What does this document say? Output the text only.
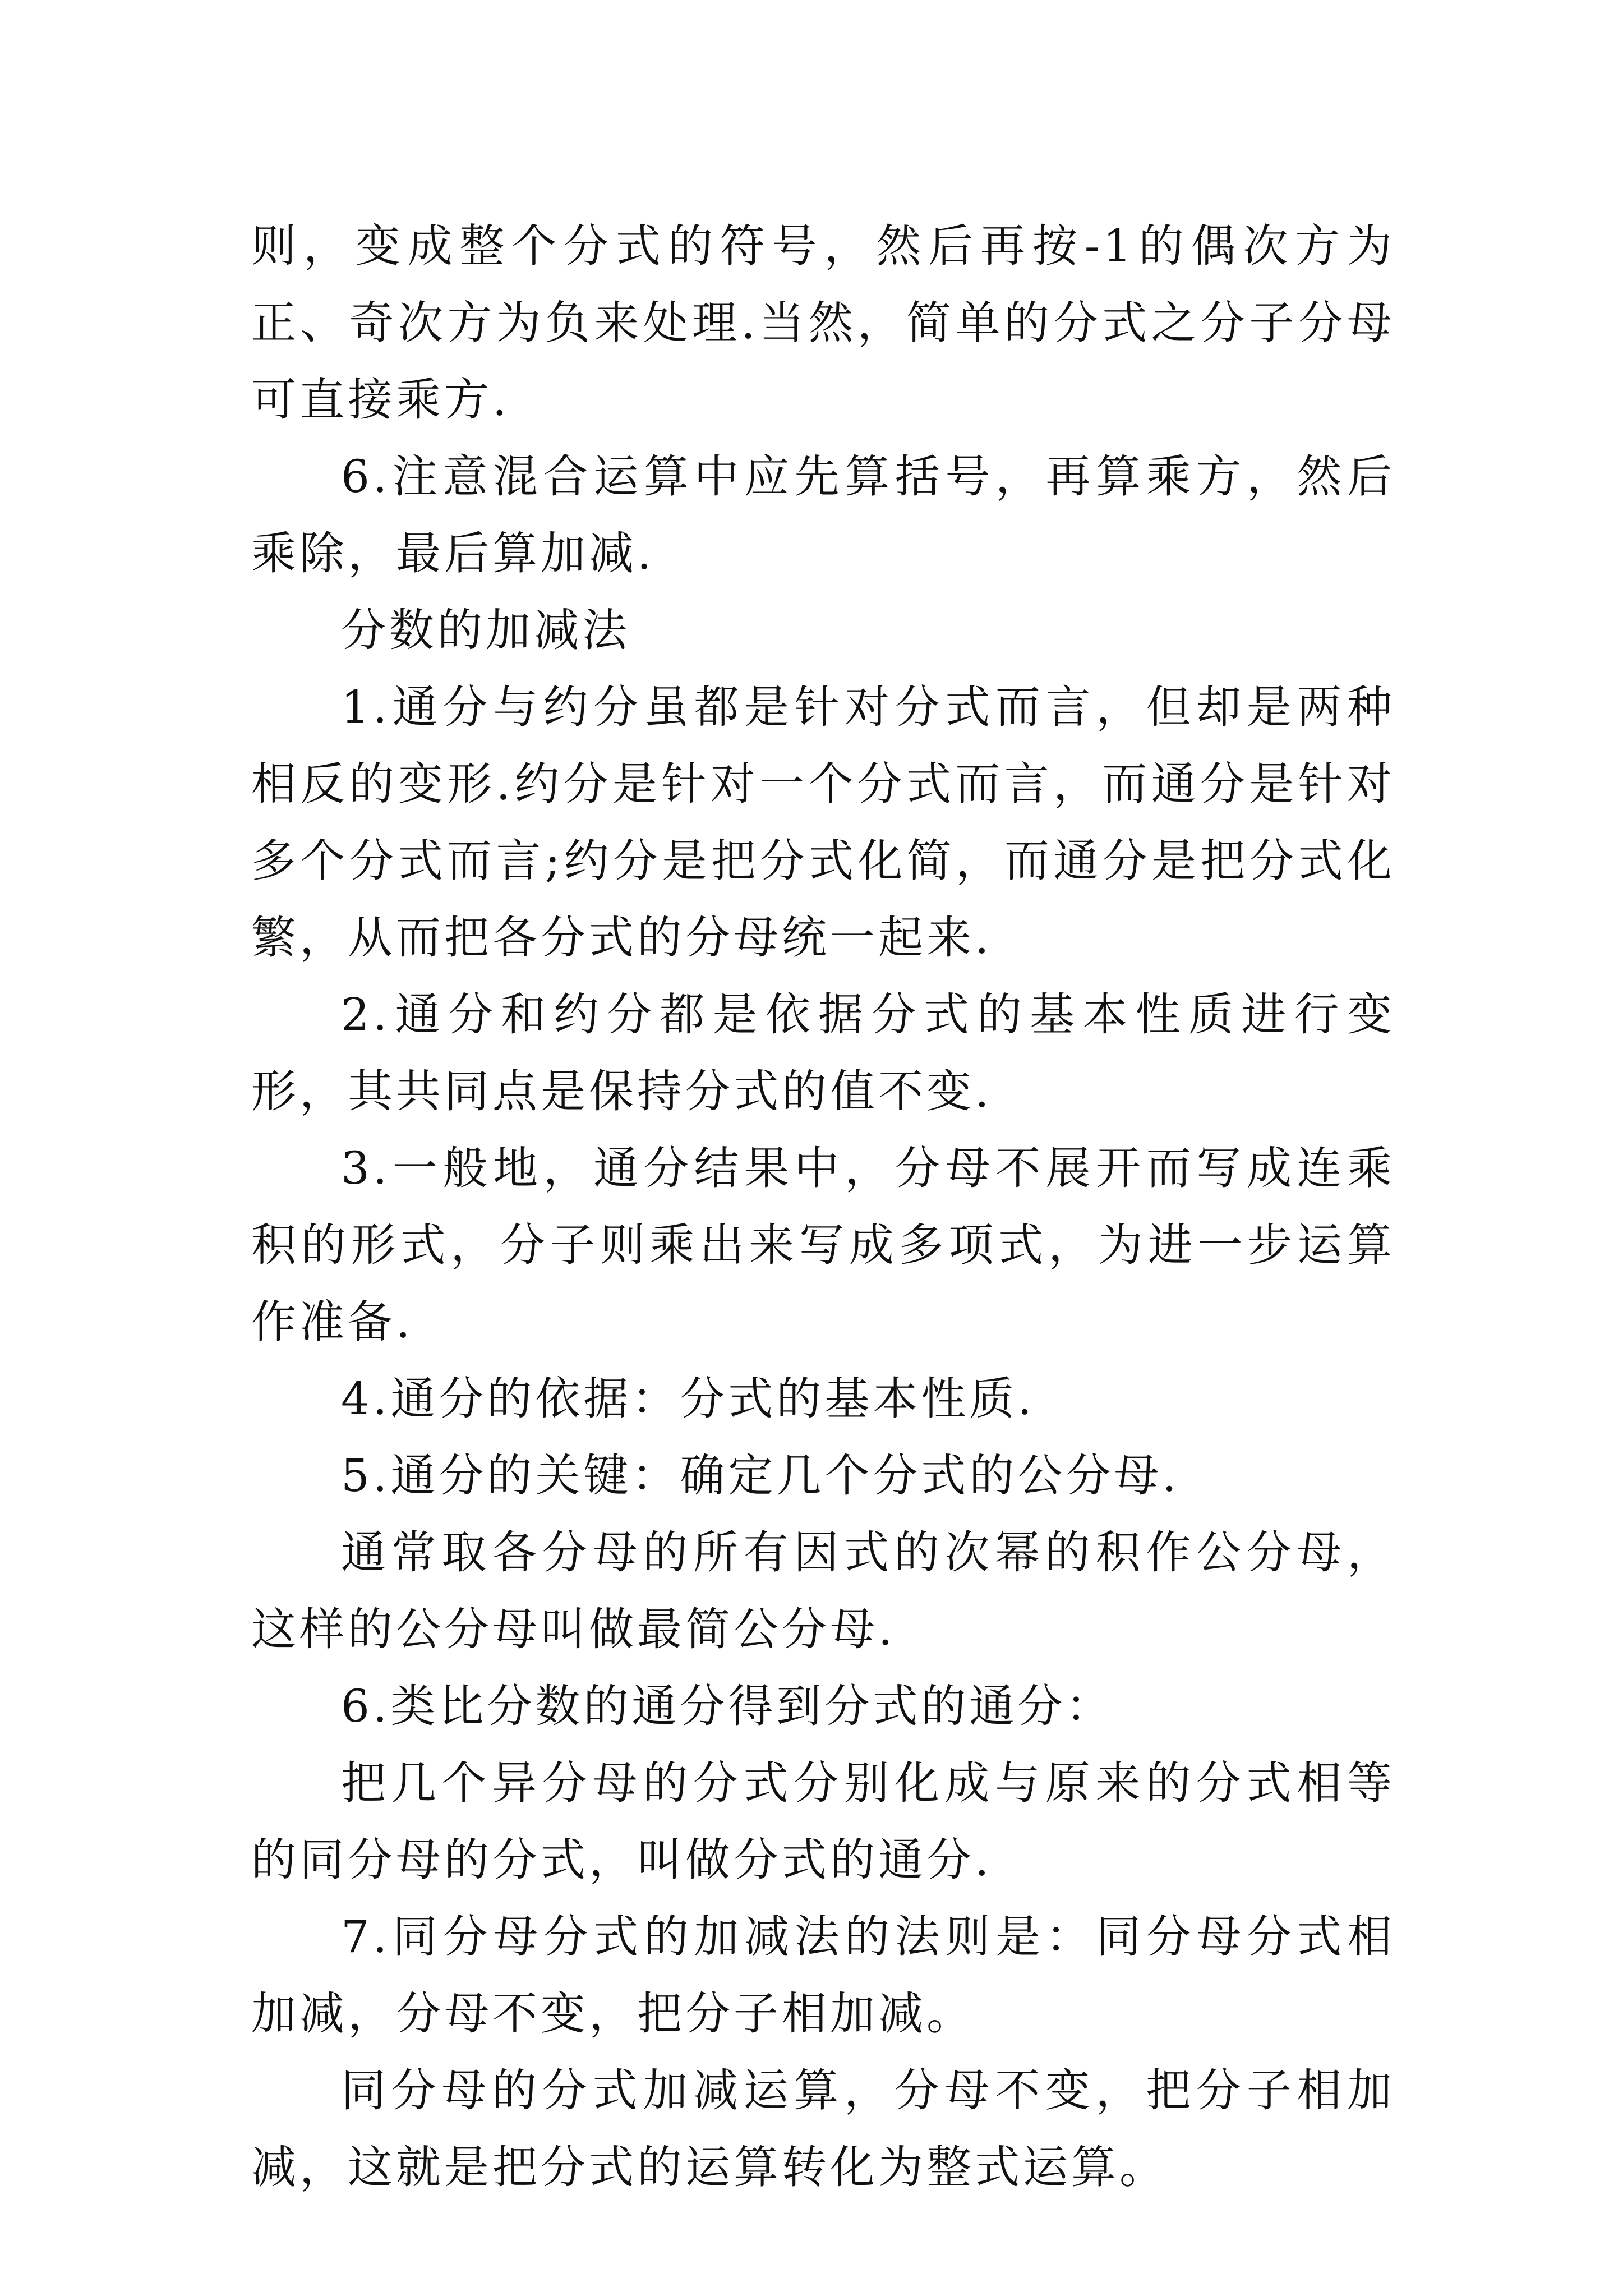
则，变成整个分式的符号，然后再按-1的偶次方为正、奇次方为负来处理.当然，简单的分式之分子分母可直接乘方.

6.注意混合运算中应先算括号，再算乘方，然后乘除，最后算加减.

分数的加减法

1.通分与约分虽都是针对分式而言，但却是两种相反的变形.约分是针对一个分式而言，而通分是针对多个分式而言;约分是把分式化简，而通分是把分式化繁，从而把各分式的分母统一起来.

2.通分和约分都是依据分式的基本性质进行变形，其共同点是保持分式的值不变.

3.一般地，通分结果中，分母不展开而写成连乘积的形式，分子则乘出来写成多项式，为进一步运算作准备.

4.通分的依据：分式的基本性质.

5.通分的关键：确定几个分式的公分母.

通常取各分母的所有因式的次幂的积作公分母，这样的公分母叫做最简公分母.

6.类比分数的通分得到分式的通分：

把几个异分母的分式分别化成与原来的分式相等的同分母的分式，叫做分式的通分.

7.同分母分式的加减法的法则是：同分母分式相加减，分母不变，把分子相加减。

同分母的分式加减运算，分母不变，把分子相加减，这就是把分式的运算转化为整式运算。
